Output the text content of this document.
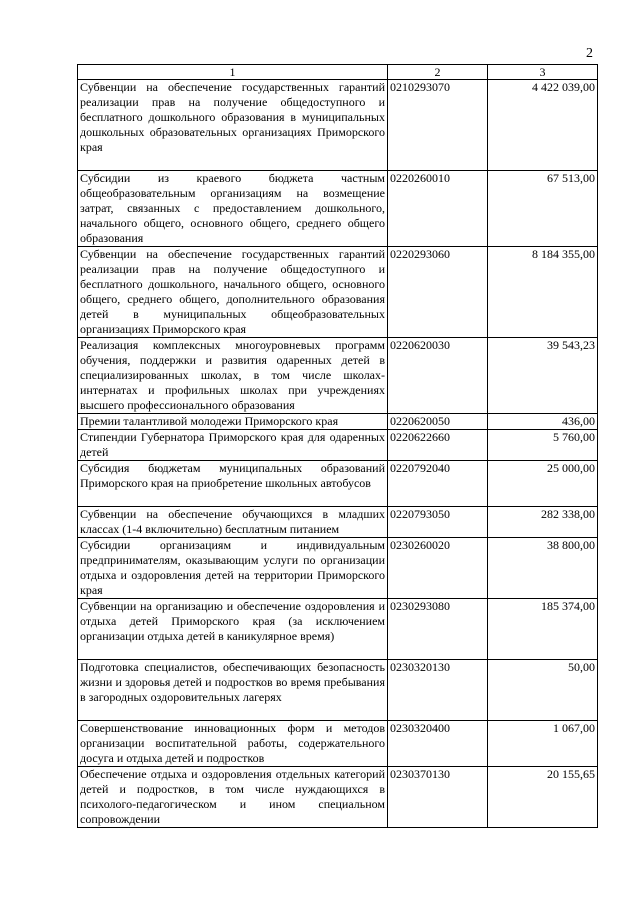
2
1	2	3
Субвенции на обеспечение государственных гарантий реализации прав на получение общедоступного и бесплатного дошкольного образования в муниципальных дошкольных образовательных организациях Приморского края	0210293070	4 422 039,00
Субсидии из краевого бюджета частным общеобразовательным организациям на возмещение затрат, связанных с предоставлением дошкольного, начального общего, основного общего, среднего общего образования	0220260010	67 513,00
Субвенции на обеспечение государственных гарантий реализации прав на получение общедоступного и бесплатного дошкольного, начального общего, основного общего, среднего общего, дополнительного образования детей в муниципальных общеобразовательных организациях Приморского края	0220293060	8 184 355,00
Реализация комплексных многоуровневых программ обучения, поддержки и развития одаренных детей в специализированных школах, в том числе школах-интернатах и профильных школах при учреждениях высшего профессионального образования	0220620030	39 543,23
Премии талантливой молодежи Приморского края	0220620050	436,00
Стипендии Губернатора Приморского края для одаренных детей	0220622660	5 760,00
Субсидия бюджетам муниципальных образований Приморского края на приобретение школьных автобусов	0220792040	25 000,00
Субвенции на обеспечение обучающихся в младших классах (1-4 включительно) бесплатным питанием	0220793050	282 338,00
Субсидии организациям и индивидуальным предпринимателям, оказывающим услуги по организации отдыха и оздоровления детей на территории Приморского края	0230260020	38 800,00
Субвенции на организацию и обеспечение оздоровления и отдыха детей Приморского края (за исключением организации отдыха детей в каникулярное время)	0230293080	185 374,00
Подготовка специалистов, обеспечивающих безопасность жизни и здоровья детей и подростков во время пребывания в загородных оздоровительных лагерях	0230320130	50,00
Совершенствование инновационных форм и методов организации воспитательной работы, содержательного досуга и отдыха детей и подростков	0230320400	1 067,00
Обеспечение отдыха и оздоровления отдельных категорий детей и подростков, в том числе нуждающихся в психолого-педагогическом и ином специальном сопровождении	0230370130	20 155,65
